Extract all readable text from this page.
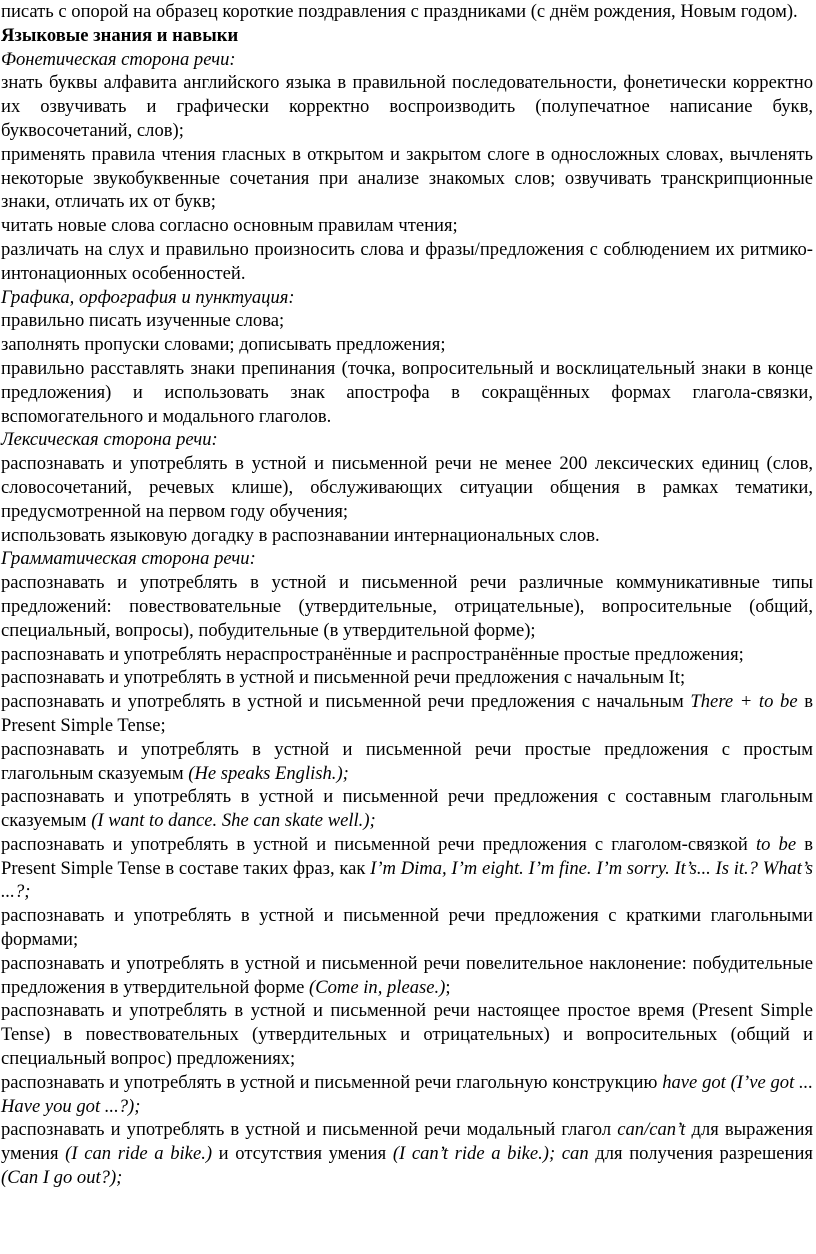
писать с опорой на образец короткие поздравления с праздниками (с днём рождения, Новым годом).
Языковые знания и навыки
Фонетическая сторона речи:
знать буквы алфавита английского языка в правильной последовательности, фонетически корректно их озвучивать и графически корректно воспроизводить (полупечатное написание букв, буквосочетаний, слов);
применять правила чтения гласных в открытом и закрытом слоге в односложных словах, вычленять некоторые звукобуквенные сочетания при анализе знакомых слов; озвучивать транскрипционные знаки, отличать их от букв;
читать новые слова согласно основным правилам чтения;
различать на слух и правильно произносить слова и фразы/предложения с соблюдением их ритмико-интонационных особенностей.
Графика, орфография и пунктуация:
правильно писать изученные слова;
заполнять пропуски словами; дописывать предложения;
правильно расставлять знаки препинания (точка, вопросительный и восклицательный знаки в конце предложения) и использовать знак апострофа в сокращённых формах глагола-связки, вспомогательного и модального глаголов.
Лексическая сторона речи:
распознавать и употреблять в устной и письменной речи не менее 200 лексических единиц (слов, словосочетаний, речевых клише), обслуживающих ситуации общения в рамках тематики, предусмотренной на первом году обучения;
использовать языковую догадку в распознавании интернациональных слов.
Грамматическая сторона речи:
распознавать и употреблять в устной и письменной речи различные коммуникативные типы предложений: повествовательные (утвердительные, отрицательные), вопросительные (общий, специальный, вопросы), побудительные (в утвердительной форме);
распознавать и употреблять нераспространённые и распространённые простые предложения;
распознавать и употреблять в устной и письменной речи предложения с начальным It;
распознавать и употреблять в устной и письменной речи предложения с начальным There + to be в Present Simple Tense;
распознавать и употреблять в устной и письменной речи простые предложения с простым глагольным сказуемым (He speaks English.);
распознавать и употреблять в устной и письменной речи предложения с составным глагольным сказуемым (I want to dance. She can skate well.);
распознавать и употреблять в устной и письменной речи предложения с глаголом-связкой to be в Present Simple Tense в составе таких фраз, как I’m Dima, I’m eight. I’m fine. I’m sorry. It’s... Is it.? What’s ...?;
распознавать и употреблять в устной и письменной речи предложения с краткими глагольными формами;
распознавать и употреблять в устной и письменной речи повелительное наклонение: побудительные предложения в утвердительной форме (Come in, please.);
распознавать и употреблять в устной и письменной речи настоящее простое время (Present Simple Tense) в повествовательных (утвердительных и отрицательных) и вопросительных (общий и специальный вопрос) предложениях;
распознавать и употреблять в устной и письменной речи глагольную конструкцию have got (I’ve got ... Have you got ...?);
распознавать и употреблять в устной и письменной речи модальный глагол can/can’t для выражения умения (I can ride a bike.) и отсутствия умения (I can’t ride a bike.); can для получения разрешения (Can I go out?);
